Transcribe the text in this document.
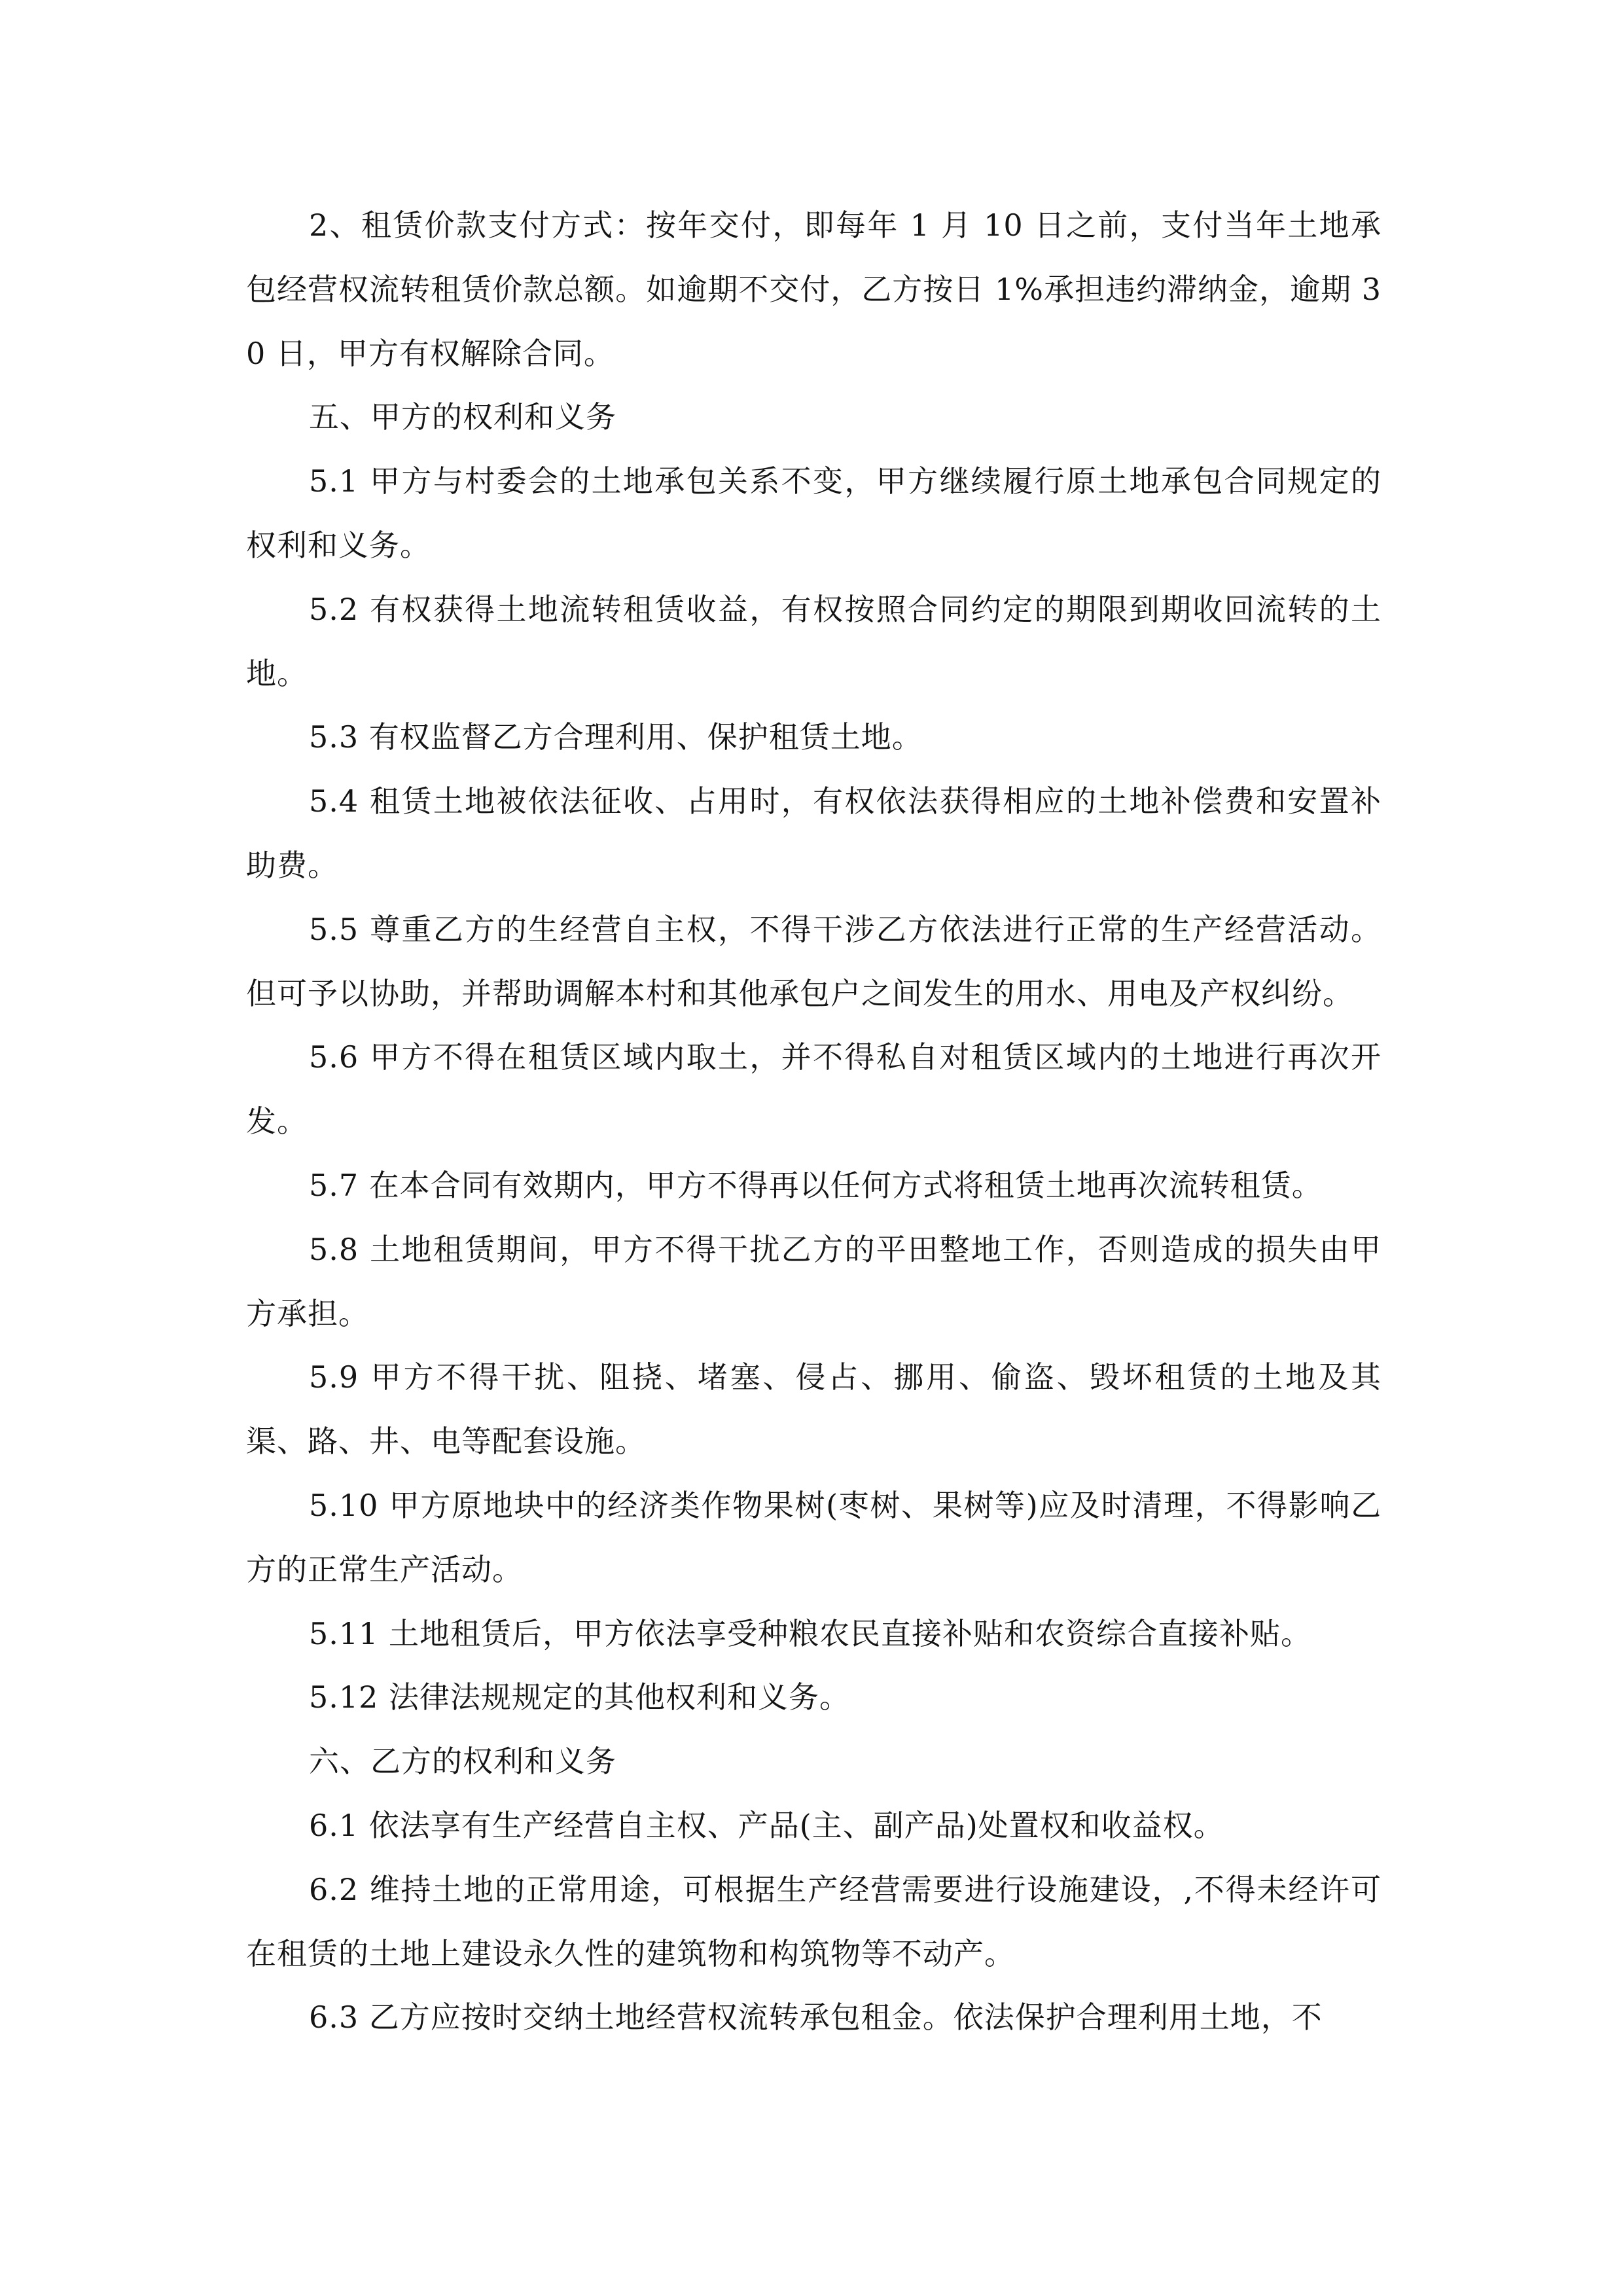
2、租赁价款支付方式：按年交付，即每年 1 月 10 日之前，支付当年土地承包经营权流转租赁价款总额。如逾期不交付，乙方按日 1%承担违约滞纳金，逾期 30 日，甲方有权解除合同。

五、甲方的权利和义务

5.1 甲方与村委会的土地承包关系不变，甲方继续履行原土地承包合同规定的权利和义务。

5.2 有权获得土地流转租赁收益，有权按照合同约定的期限到期收回流转的土地。

5.3 有权监督乙方合理利用、保护租赁土地。

5.4 租赁土地被依法征收、占用时，有权依法获得相应的土地补偿费和安置补助费。

5.5 尊重乙方的生经营自主权，不得干涉乙方依法进行正常的生产经营活动。但可予以协助，并帮助调解本村和其他承包户之间发生的用水、用电及产权纠纷。

5.6 甲方不得在租赁区域内取土，并不得私自对租赁区域内的土地进行再次开发。

5.7 在本合同有效期内，甲方不得再以任何方式将租赁土地再次流转租赁。

5.8 土地租赁期间，甲方不得干扰乙方的平田整地工作，否则造成的损失由甲方承担。

5.9 甲方不得干扰、阻挠、堵塞、侵占、挪用、偷盗、毁坏租赁的土地及其渠、路、井、电等配套设施。

5.10 甲方原地块中的经济类作物果树(枣树、果树等)应及时清理，不得影响乙方的正常生产活动。

5.11 土地租赁后，甲方依法享受种粮农民直接补贴和农资综合直接补贴。

5.12 法律法规规定的其他权利和义务。

六、乙方的权利和义务

6.1 依法享有生产经营自主权、产品(主、副产品)处置权和收益权。

6.2 维持土地的正常用途，可根据生产经营需要进行设施建设，,不得未经许可在租赁的土地上建设永久性的建筑物和构筑物等不动产。

6.3 乙方应按时交纳土地经营权流转承包租金。依法保护合理利用土地，不
